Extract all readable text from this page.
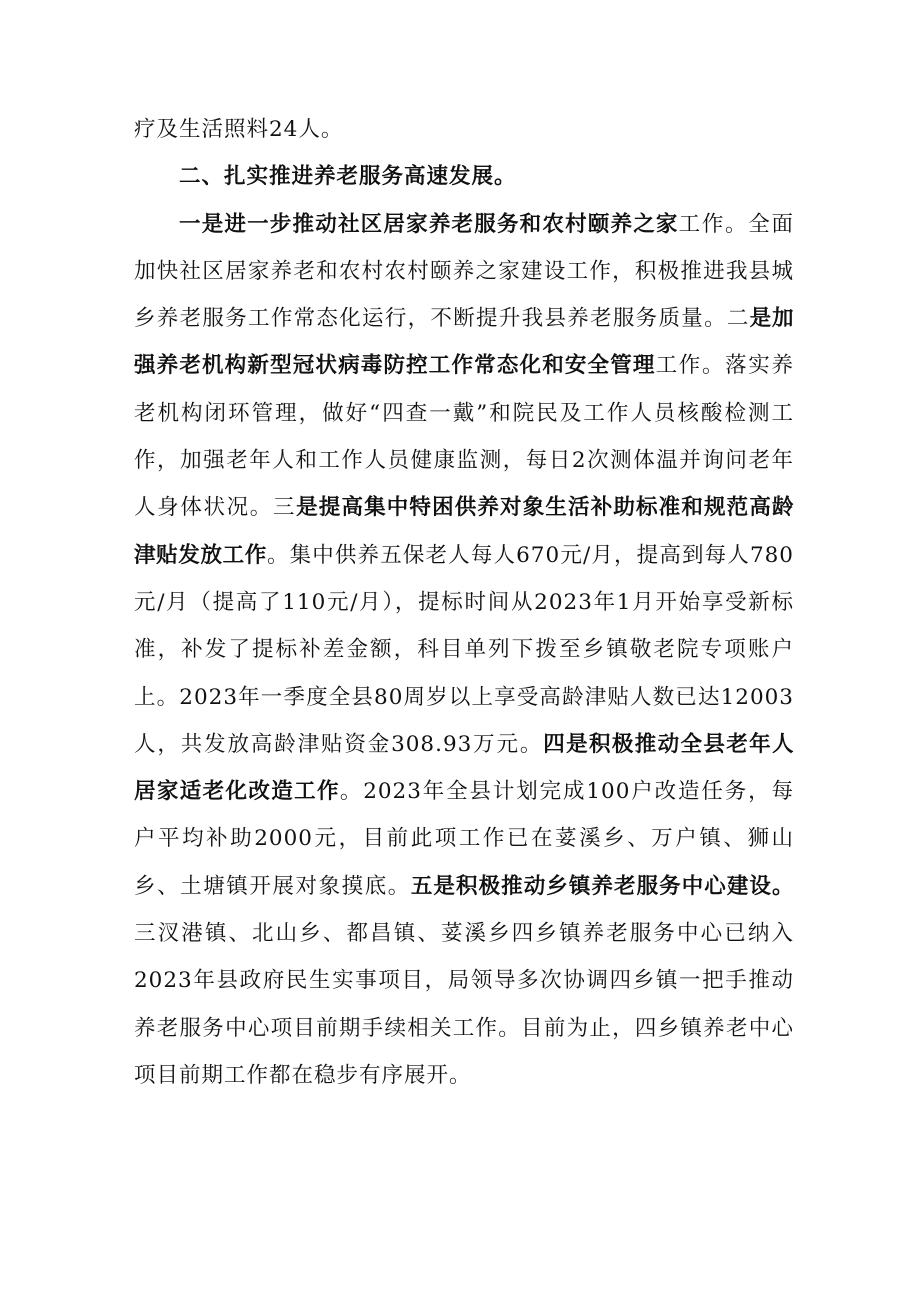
疗及生活照料24人。

二、扎实推进养老服务高速发展。

一是进一步推动社区居家养老服务和农村颐养之家工作。全面加快社区居家养老和农村农村颐养之家建设工作，积极推进我县城乡养老服务工作常态化运行，不断提升我县养老服务质量。二是加强养老机构新型冠状病毒防控工作常态化和安全管理工作。落实养老机构闭环管理，做好“四查一戴”和院民及工作人员核酸检测工作，加强老年人和工作人员健康监测，每日2次测体温并询问老年人身体状况。三是提高集中特困供养对象生活补助标准和规范高龄津贴发放工作。集中供养五保老人每人670元/月，提高到每人780元/月（提高了110元/月），提标时间从2023年1月开始享受新标准，补发了提标补差金额，科目单列下拨至乡镇敬老院专项账户上。2023年一季度全县80周岁以上享受高龄津贴人数已达12003人，共发放高龄津贴资金308.93万元。四是积极推动全县老年人居家适老化改造工作。2023年全县计划完成100户改造任务，每户平均补助2000元，目前此项工作已在荽溪乡、万户镇、狮山乡、土塘镇开展对象摸底。五是积极推动乡镇养老服务中心建设。三汊港镇、北山乡、都昌镇、荽溪乡四乡镇养老服务中心已纳入2023年县政府民生实事项目，局领导多次协调四乡镇一把手推动养老服务中心项目前期手续相关工作。目前为止，四乡镇养老中心项目前期工作都在稳步有序展开。
